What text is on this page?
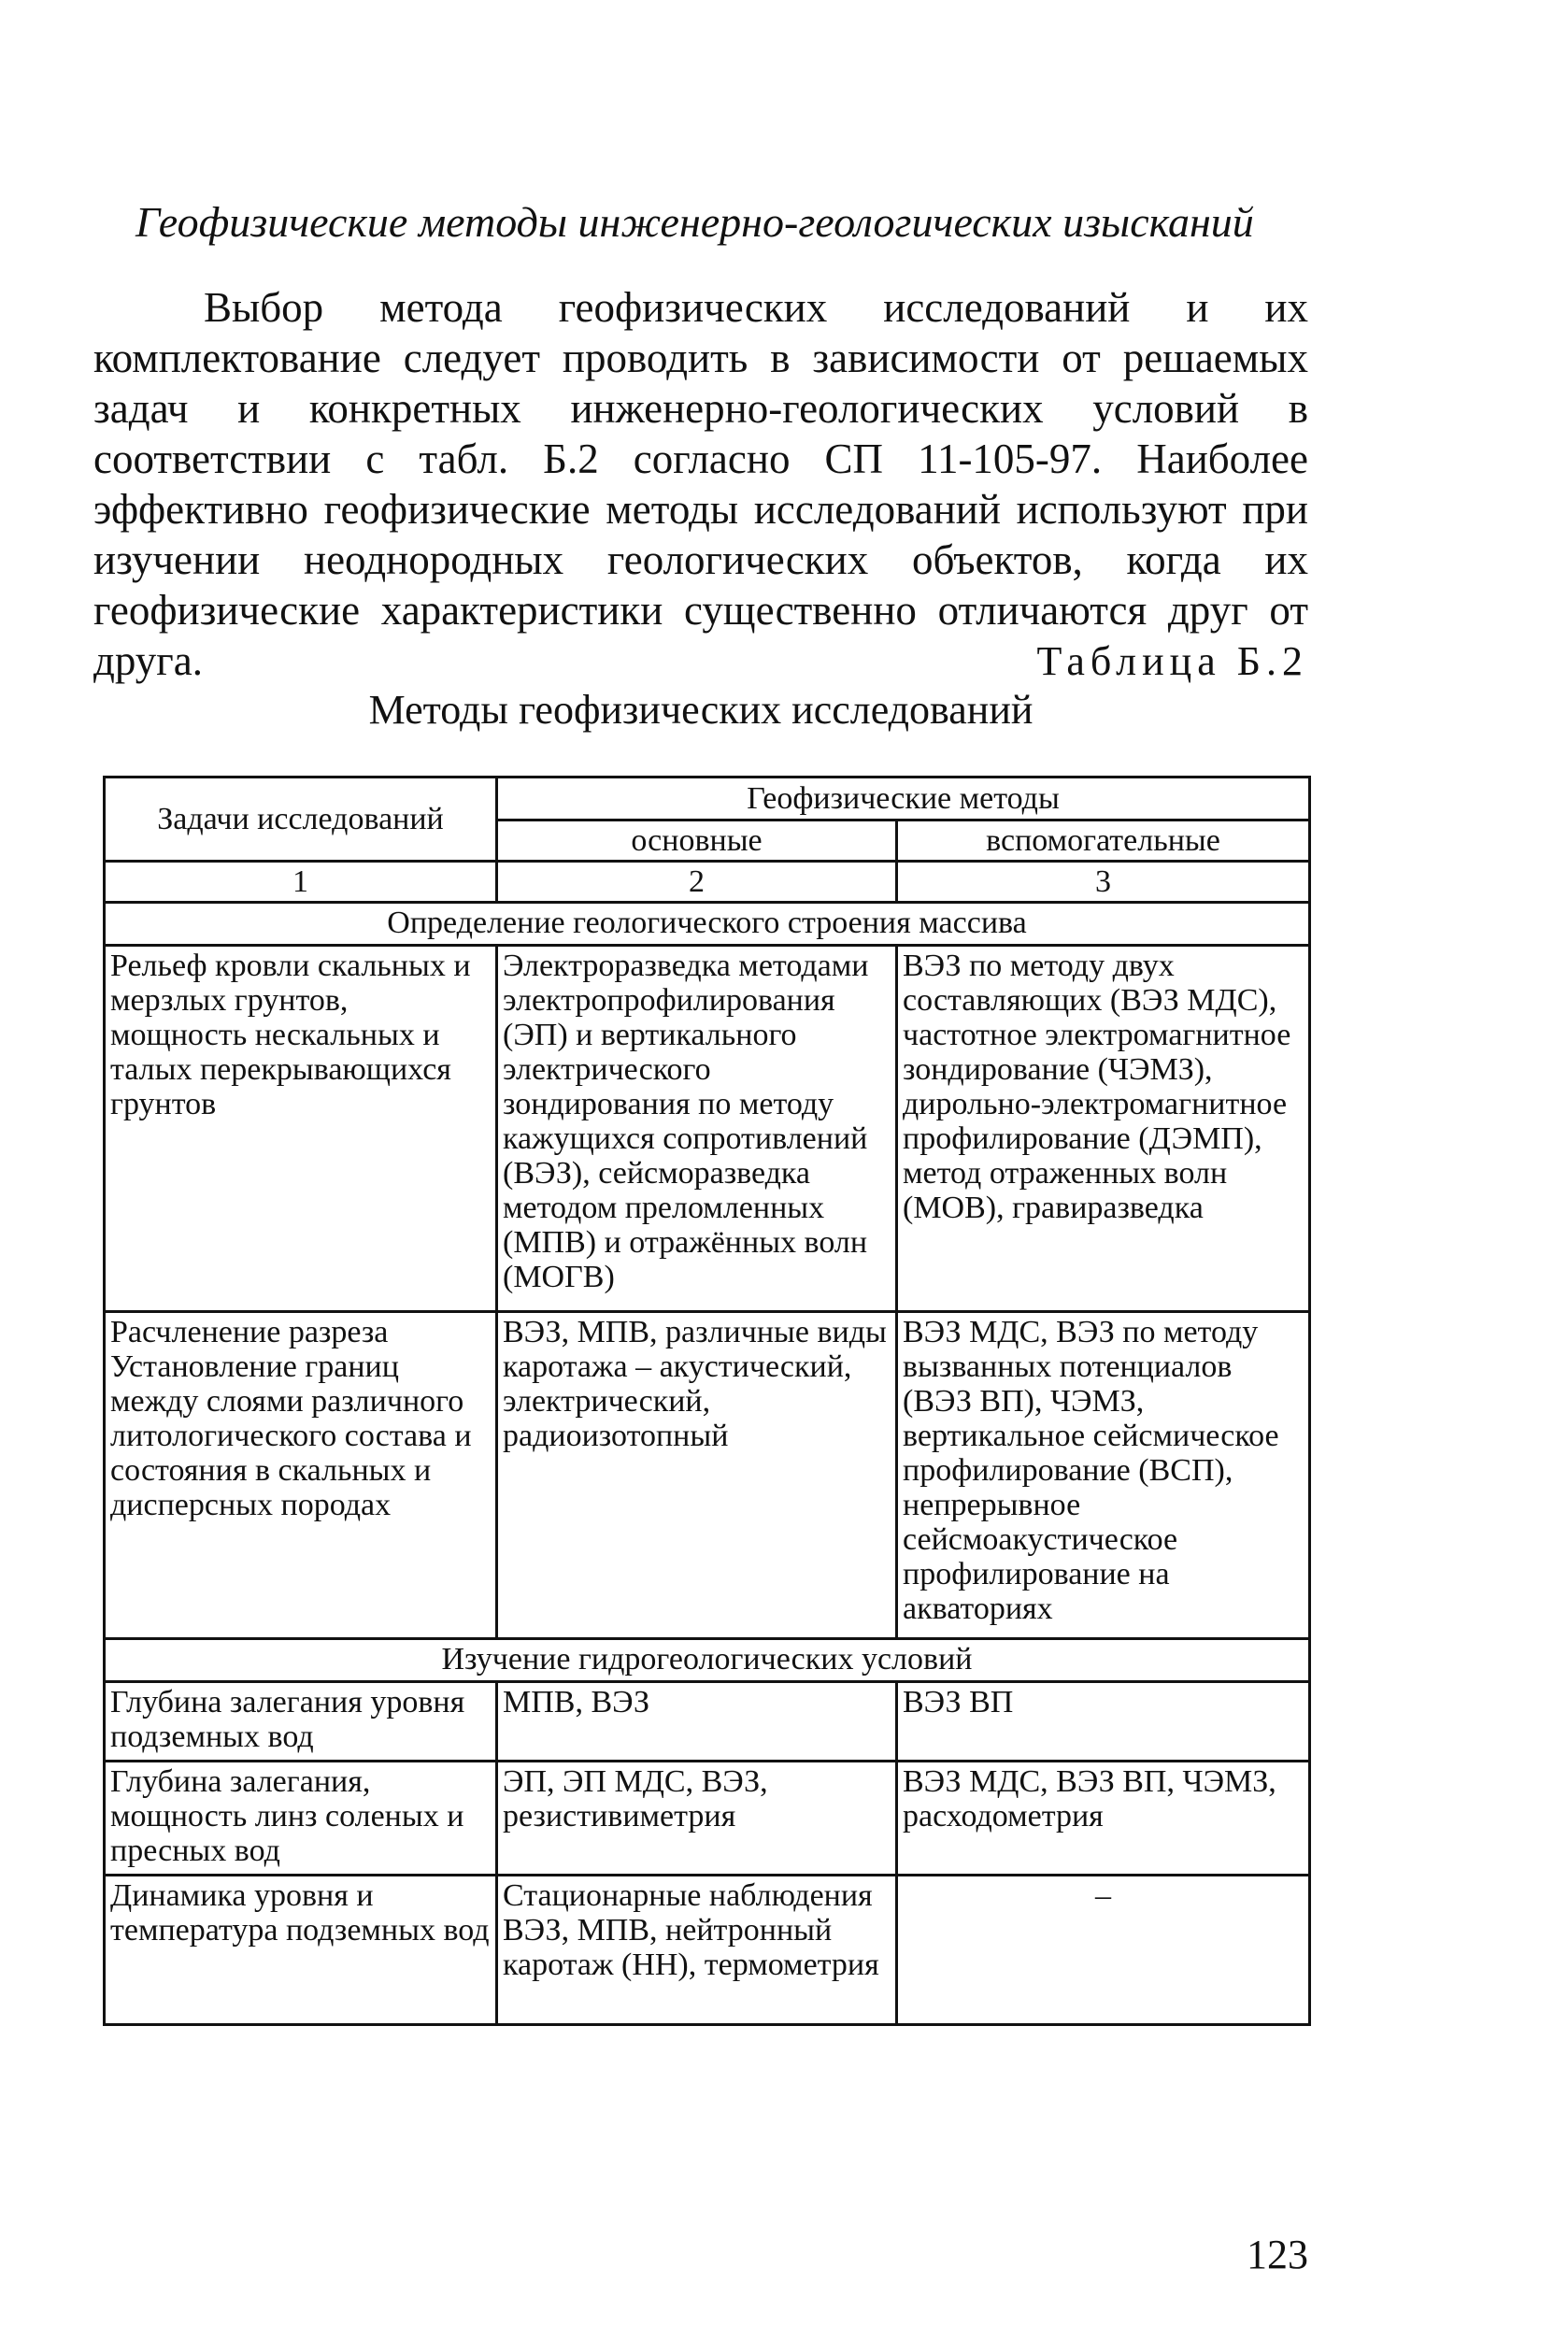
Геофизические методы инженерно-геологических изысканий

Выбор метода геофизических исследований и их комплектование следует проводить в зависимости от решаемых задач и конкретных инженерно-геологических условий в соответствии с табл. Б.2 согласно СП 11-105-97. Наиболее эффективно геофизические методы исследований используют при изучении неоднородных геологических объектов, когда их геофизические характеристики существенно отличаются друг от друга.	Таблица Б.2
Методы геофизических исследований
Задачи исследований	Геофизические методы	
	основные	вспомогательные
1	2	3
Определение геологического строения массива		
Рельеф кровли скальных и мерзлых грунтов, мощность нескальных и талых перекрывающихся грунтов	Электроразведка методами электропрофилирования (ЭП) и вертикального электрического зондирования по методу кажущихся сопротивлений (ВЭЗ), сейсморазведка методом преломленных (МПВ) и отражённых волн (МОГВ)	ВЭЗ по методу двух составляющих (ВЭЗ МДС), частотное электромагнитное зондирование (ЧЭМЗ), дирольно-электромагнитное профилирование (ДЭМП), метод отраженных волн (МОВ), гравиразведка
Расчленение разреза Установление границ между слоями различного литологического состава и состояния в скальных и дисперсных породах	ВЭЗ, МПВ, различные виды каротажа – акустический, электрический, радиоизотопный	ВЭЗ МДС, ВЭЗ по методу вызванных потенциалов (ВЭЗ ВП), ЧЭМЗ, вертикальное сейсмическое профилирование (ВСП), непрерывное сейсмоакустическое профилирование на акваториях
Изучение гидрогеологических условий		
Глубина залегания уровня подземных вод	МПВ, ВЭЗ	ВЭЗ ВП
Глубина залегания, мощность линз соленых и пресных вод	ЭП, ЭП МДС, ВЭЗ, резистивиметрия	ВЭЗ МДС, ВЭЗ ВП, ЧЭМЗ, расходометрия
Динамика уровня и температура подземных вод	Стационарные наблюдения ВЭЗ, МПВ, нейтронный каротаж (НН), термометрия	–
123
